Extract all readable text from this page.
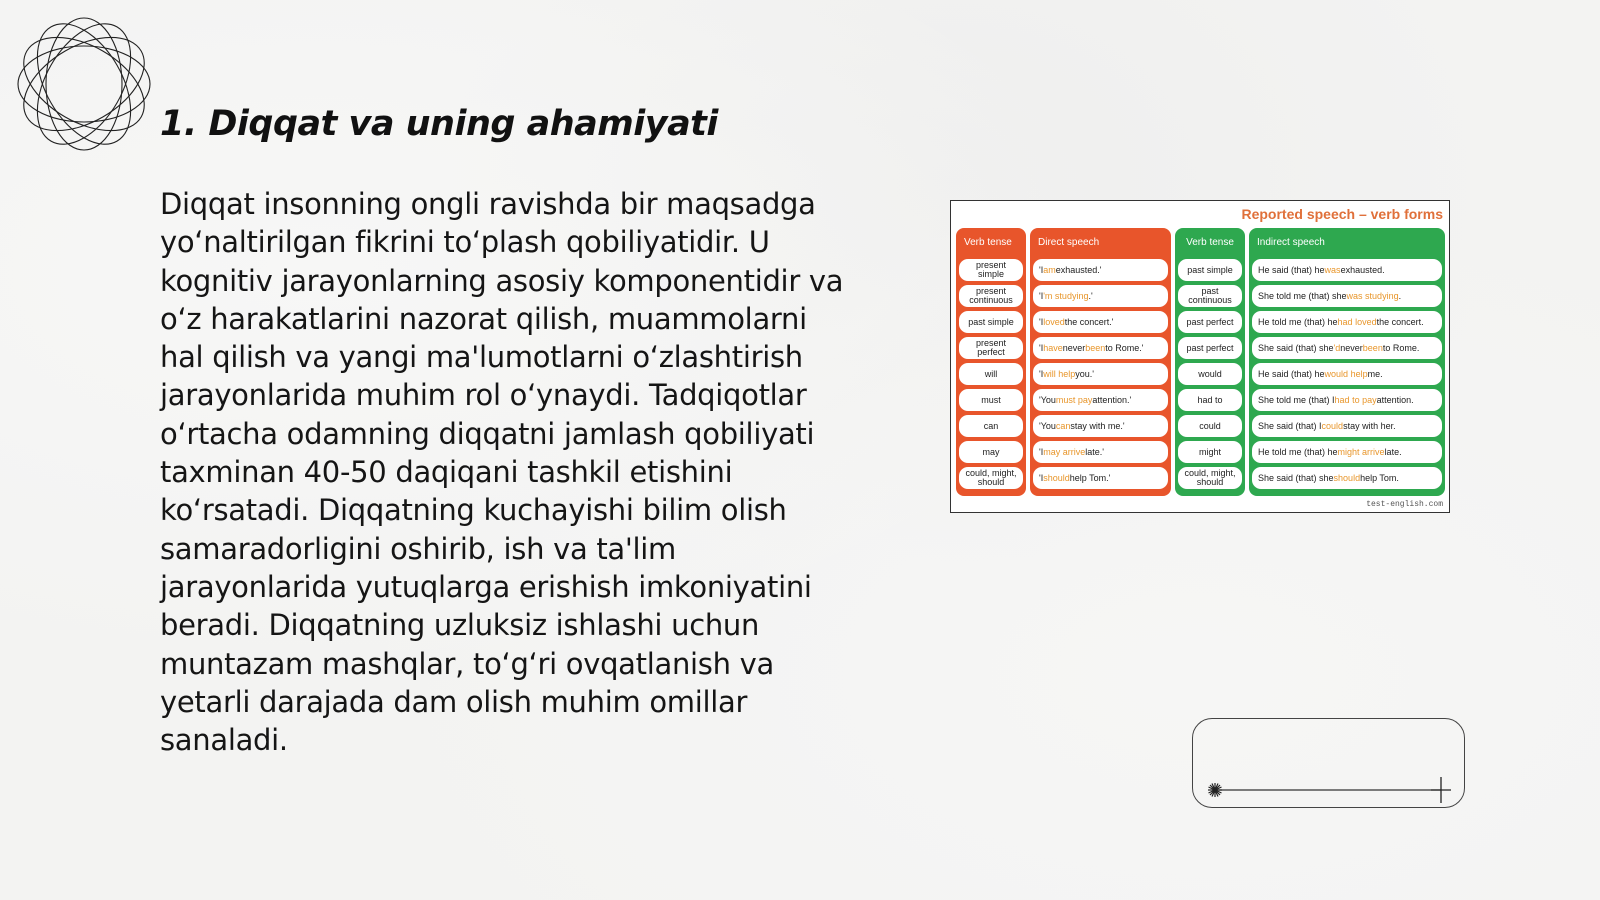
1. Diqqat va uning ahamiyati

Diqqat insonning ongli ravishda bir maqsadga yo‘naltirilgan fikrini to‘plash qobiliyatidir. U kognitiv jarayonlarning asosiy komponentidir va o‘z harakatlarini nazorat qilish, muammolarni hal qilish va yangi ma'lumotlarni o‘zlashtirish jarayonlarida muhim rol o‘ynaydi. Tadqiqotlar o‘rtacha odamning diqqatni jamlash qobiliyati taxminan 40-50 daqiqani tashkil etishini ko‘rsatadi. Diqqatning kuchayishi bilim olish samaradorligini oshirib, ish va ta'lim jarayonlarida yutuqlarga erishish imkoniyatini beradi. Diqqatning uzluksiz ishlashi uchun muntazam mashqlar, to‘g‘ri ovqatlanish va yetarli darajada dam olish muhim omillar sanaladi.

Reported speech – verb forms
Verb tense
present simple
present continuous
past simple
present perfect
will
must
can
may
could, might, should
Direct speech
'I am exhausted.'
'I 'm studying .'
'I loved the concert.'
'I have never been to Rome.'
'I will help you.'
'You must pay attention.'
'You can stay with me.'
'I may arrive late.'
'I should help Tom.'
Verb tense
past simple
past continuous
past perfect
past perfect
would
had to
could
might
could, might, should
Indirect speech
He said (that) he was exhausted.
She told me (that) she was studying .
He told me (that) he had loved the concert.
She said (that) she 'd never been to Rome.
He said (that) he would help me.
She told me (that) I had to pay attention.
She said (that) I could stay with her.
He told me (that) he might arrive late.
She said (that) she should help Tom.
test-english.com
